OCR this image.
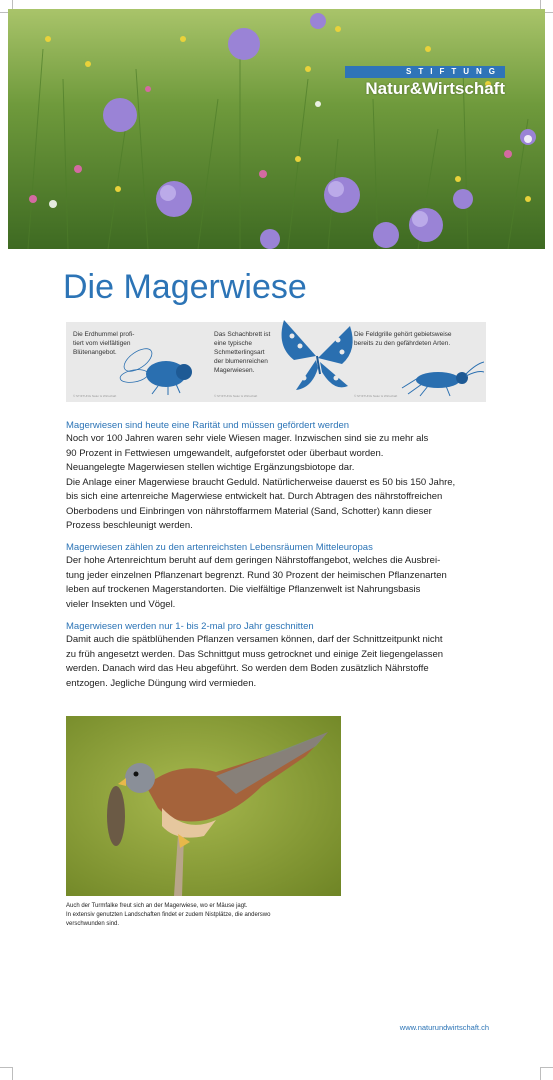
STIFTUNG
Natur&Wirtschaft
Die Magerwiese
Die Erdhummel profi-
tiert vom vielfältigen
Blütenangebot.
© STIFTUNG Natur & Wirtschaft
Das Schachbrett ist
eine typische
Schmetterlingsart
der blumenreichen
Magerwiesen.
© STIFTUNG Natur & Wirtschaft
Die Feldgrille gehört gebietsweise
bereits zu den gefährdeten Arten.
© STIFTUNG Natur & Wirtschaft
Magerwiesen sind heute eine Rarität und müssen gefördert werden

Noch vor 100 Jahren waren sehr viele Wiesen mager. Inzwischen sind sie zu mehr als
90 Prozent in Fettwiesen umgewandelt, aufgeforstet oder überbaut worden.
Neuangelegte Magerwiesen stellen wichtige Ergänzungsbiotope dar.
Die Anlage einer Magerwiese braucht Geduld. Natürlicherweise dauerst es 50 bis 150 Jahre,
bis sich eine artenreiche Magerwiese entwickelt hat. Durch Abtragen des nährstoffreichen
Oberbodens und Einbringen von nährstoffarmem Material (Sand, Schotter) kann dieser
Prozess beschleunigt werden.

Magerwiesen zählen zu den artenreichsten Lebensräumen Mitteleuropas

Der hohe Artenreichtum beruht auf dem geringen Nährstoffangebot, welches die Ausbrei-
tung jeder einzelnen Pflanzenart begrenzt. Rund 30 Prozent der heimischen Pflanzenarten
leben auf trockenen Magerstandorten. Die vielfältige Pflanzenwelt ist Nahrungsbasis
vieler Insekten und Vögel.

Magerwiesen werden nur 1- bis 2-mal pro Jahr geschnitten

Damit auch die spätblühenden Pflanzen versamen können, darf der Schnittzeitpunkt nicht
zu früh angesetzt werden. Das Schnittgut muss getrocknet und einige Zeit liegengelassen
werden. Danach wird das Heu abgeführt. So werden dem Boden zusätzlich Nährstoffe
entzogen. Jegliche Düngung wird vermieden.

Auch der Turmfalke freut sich an der Magerwiese, wo er Mäuse jagt.
In extensiv genutzten Landschaften findet er zudem Nistplätze, die anderswo
verschwunden sind.
www.naturundwirtschaft.ch
